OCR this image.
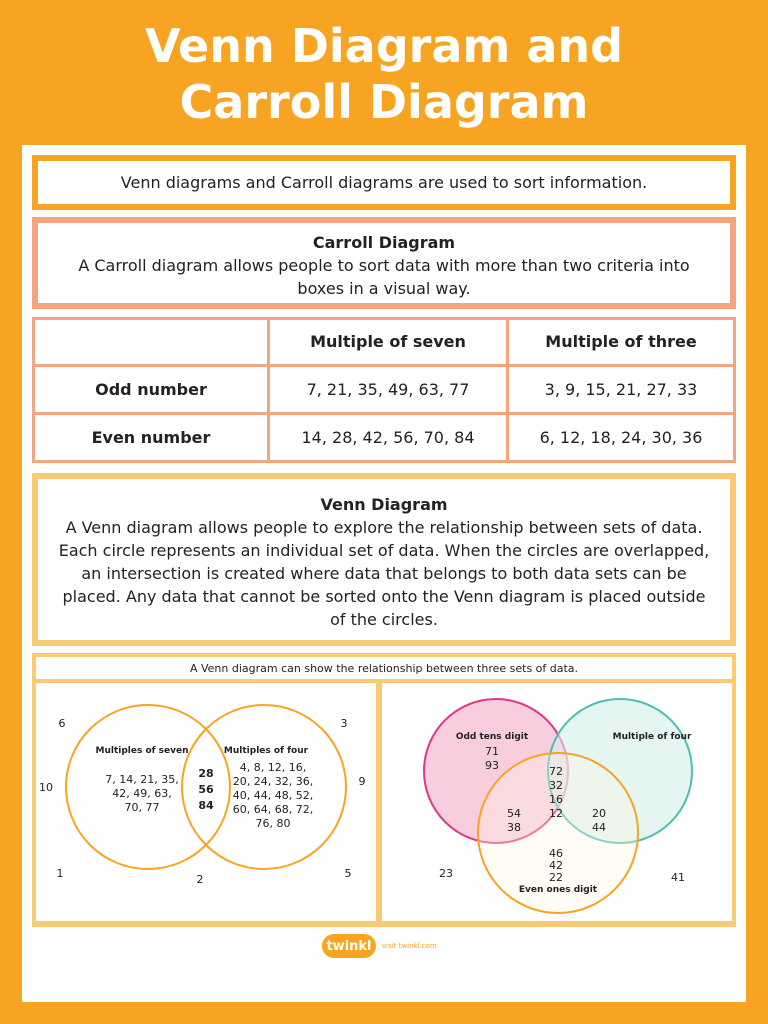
Venn Diagram and
Carroll Diagram
Venn diagrams and Carroll diagrams are used to sort information.
Carroll Diagram
A Carroll diagram allows people to sort data with more than two criteria into boxes in a visual way.
	Multiple of seven	Multiple of three
Odd number	7, 21, 35, 49, 63, 77	3, 9, 15, 21, 27, 33
Even number	14, 28, 42, 56, 70, 84	6, 12, 18, 24, 30, 36
Venn Diagram
A Venn diagram allows people to explore the relationship between sets of data. Each circle represents an individual set of data. When the circles are overlapped, an intersection is created where data that belongs to both data sets can be placed. Any data that cannot be sorted onto the Venn diagram is placed outside of the circles.
A Venn diagram can show the relationship between three sets of data.
Multiples of seven	Multiples of four
7, 14, 21, 35,
42, 49, 63,
70, 77
28
56
84
4, 8, 12, 16,
20, 24, 32, 36,
40, 44, 48, 52,
60, 64, 68, 72,
76, 80
6	3
10	9
1	2	5
Odd tens digit	Multiple of four
Even ones digit
71
93	72
32
16
12
54
38
20
44
46
42
22
23	41
twinkl	visit twinkl.com
